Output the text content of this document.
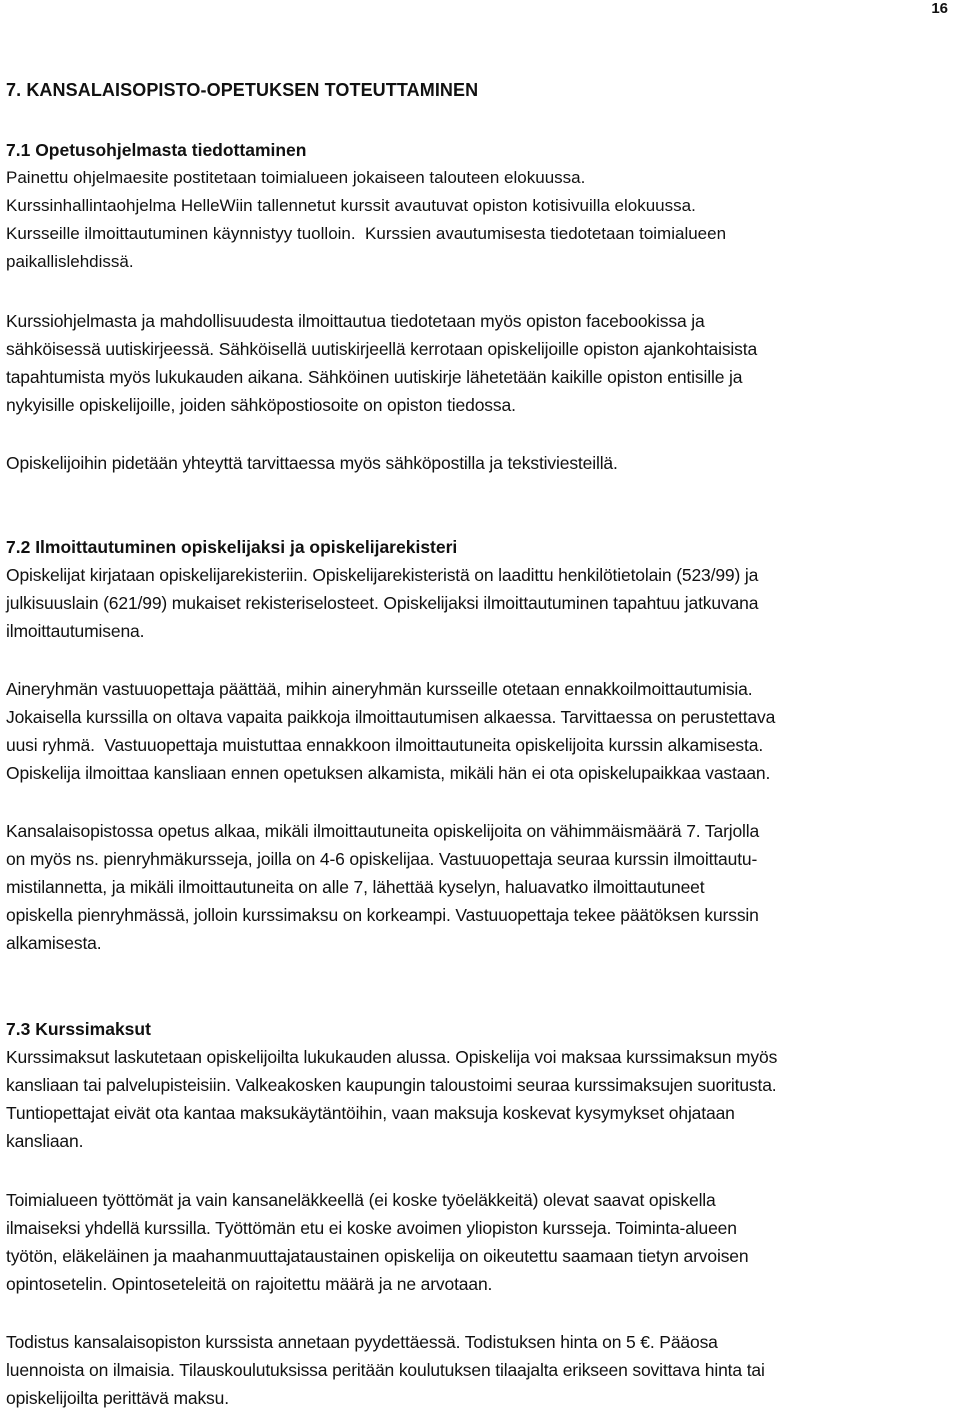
16
7. KANSALAISOPISTO-OPETUKSEN TOTEUTTAMINEN
7.1 Opetusohjelmasta tiedottaminen

Painettu ohjelmaesite postitetaan toimialueen jokaiseen talouteen elokuussa.
Kurssinhallintaohjelma HelleWiin tallennetut kurssit avautuvat opiston kotisivuilla elokuussa.
Kursseille ilmoittautuminen käynnistyy tuolloin.  Kurssien avautumisesta tiedotetaan toimialueen
paikallislehdissä.

Kurssiohjelmasta ja mahdollisuudesta ilmoittautua tiedotetaan myös opiston facebookissa ja
sähköisessä uutiskirjeessä. Sähköisellä uutiskirjeellä kerrotaan opiskelijoille opiston ajankohtaisista
tapahtumista myös lukukauden aikana. Sähköinen uutiskirje lähetetään kaikille opiston entisille ja
nykyisille opiskelijoille, joiden sähköpostiosoite on opiston tiedossa.

Opiskelijoihin pidetään yhteyttä tarvittaessa myös sähköpostilla ja tekstiviesteillä.

7.2 Ilmoittautuminen opiskelijaksi ja opiskelijarekisteri

Opiskelijat kirjataan opiskelijarekisteriin. Opiskelijarekisteristä on laadittu henkilötietolain (523/99) ja
julkisuuslain (621/99) mukaiset rekisteriselosteet. Opiskelijaksi ilmoittautuminen tapahtuu jatkuvana
ilmoittautumisena.

Aineryhmän vastuuopettaja päättää, mihin aineryhmän kursseille otetaan ennakkoilmoittautumisia.
Jokaisella kurssilla on oltava vapaita paikkoja ilmoittautumisen alkaessa. Tarvittaessa on perustettava
uusi ryhmä.  Vastuuopettaja muistuttaa ennakkoon ilmoittautuneita opiskelijoita kurssin alkamisesta.
Opiskelija ilmoittaa kansliaan ennen opetuksen alkamista, mikäli hän ei ota opiskelupaikkaa vastaan.

Kansalaisopistossa opetus alkaa, mikäli ilmoittautuneita opiskelijoita on vähimmäismäärä 7. Tarjolla
on myös ns. pienryhmäkursseja, joilla on 4-6 opiskelijaa. Vastuuopettaja seuraa kurssin ilmoittautu-
mistilannetta, ja mikäli ilmoittautuneita on alle 7, lähettää kyselyn, haluavatko ilmoittautuneet
opiskella pienryhmässä, jolloin kurssimaksu on korkeampi. Vastuuopettaja tekee päätöksen kurssin
alkamisesta.

7.3 Kurssimaksut

Kurssimaksut laskutetaan opiskelijoilta lukukauden alussa. Opiskelija voi maksaa kurssimaksun myös
kansliaan tai palvelupisteisiin. Valkeakosken kaupungin taloustoimi seuraa kurssimaksujen suoritusta.
Tuntiopettajat eivät ota kantaa maksukäytäntöihin, vaan maksuja koskevat kysymykset ohjataan
kansliaan.

Toimialueen työttömät ja vain kansaneläkkeellä (ei koske työeläkkeitä) olevat saavat opiskella
ilmaiseksi yhdellä kurssilla. Työttömän etu ei koske avoimen yliopiston kursseja. Toiminta-alueen
työtön, eläkeläinen ja maahanmuuttajataustainen opiskelija on oikeutettu saamaan tietyn arvoisen
opintosetelin. Opintoseteleitä on rajoitettu määrä ja ne arvotaan.

Todistus kansalaisopiston kurssista annetaan pyydettäessä. Todistuksen hinta on 5 €. Pääosa
luennoista on ilmaisia. Tilauskoulutuksissa peritään koulutuksen tilaajalta erikseen sovittava hinta tai
opiskelijoilta perittävä maksu.
